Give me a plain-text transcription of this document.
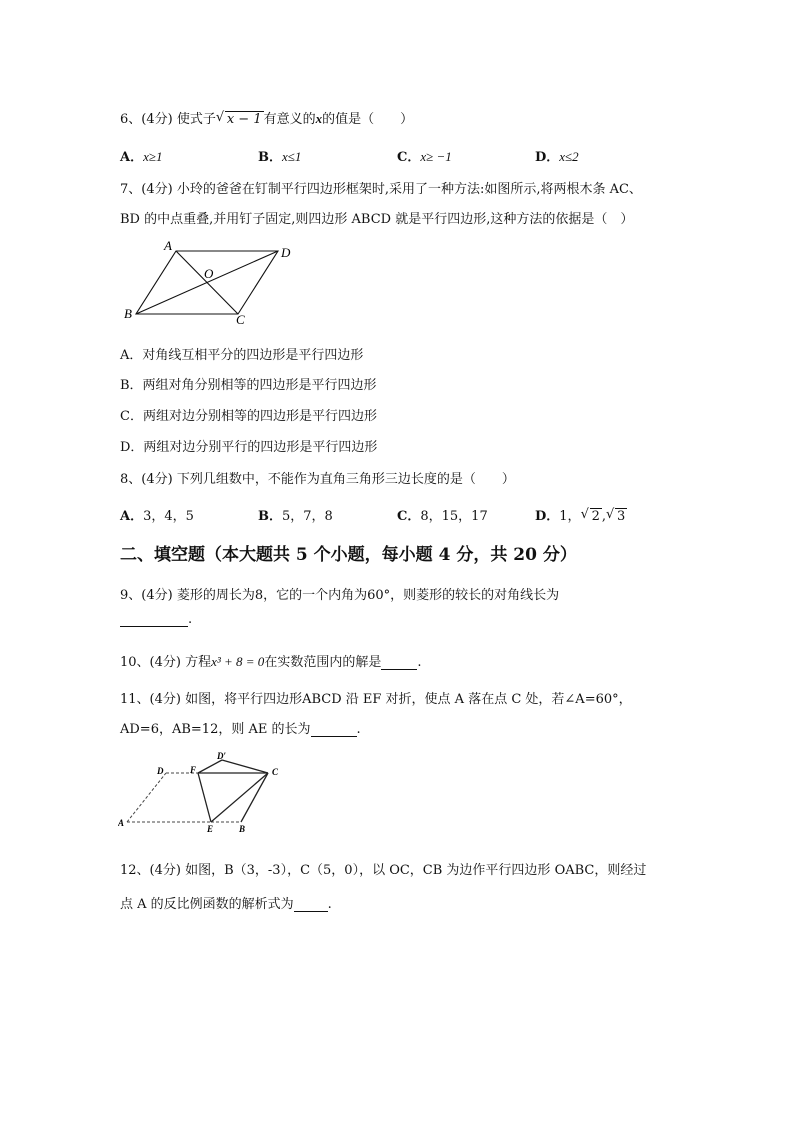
6、(4分) 使式子 √ x − 1 有意义的x的值是（　　）
A．x≥1	B．x≤1	C．x≥ −1	D．x≤2
7、(4分) 小玲的爸爸在钉制平行四边形框架时,采用了一种方法:如图所示,将两根木条 AC、
BD 的中点重叠,并用钉子固定,则四边形 ABCD 就是平行四边形,这种方法的依据是（　）
A	D
O
B	C
A．对角线互相平分的四边形是平行四边形
B．两组对角分别相等的四边形是平行四边形
C．两组对边分别相等的四边形是平行四边形
D．两组对边分别平行的四边形是平行四边形
8、(4分) 下列几组数中，不能作为直角三角形三边长度的是（　　）
A．3，4，5	B．5，7，8	C．8，15，17	D．1， √ 2 , √ 3
二、填空题（本大题共 5 个小题，每小题 4 分，共 20 分）
9、(4分) 菱形的周长为8，它的一个内角为60°，则菱形的较长的对角线长为
.
10、(4分) 方程x³ + 8 = 0在实数范围内的解是	.
11、(4分) 如图，将平行四边形ABCD 沿 EF 对折，使点 A 落在点 C 处，若∠A=60°，
AD=6，AB=12，则 AE 的长为	.
A
D	F
D′
C
E	B
12、(4分) 如图，B（3，-3），C（5，0），以 OC，CB 为边作平行四边形 OABC，则经过
点 A 的反比例函数的解析式为	.
